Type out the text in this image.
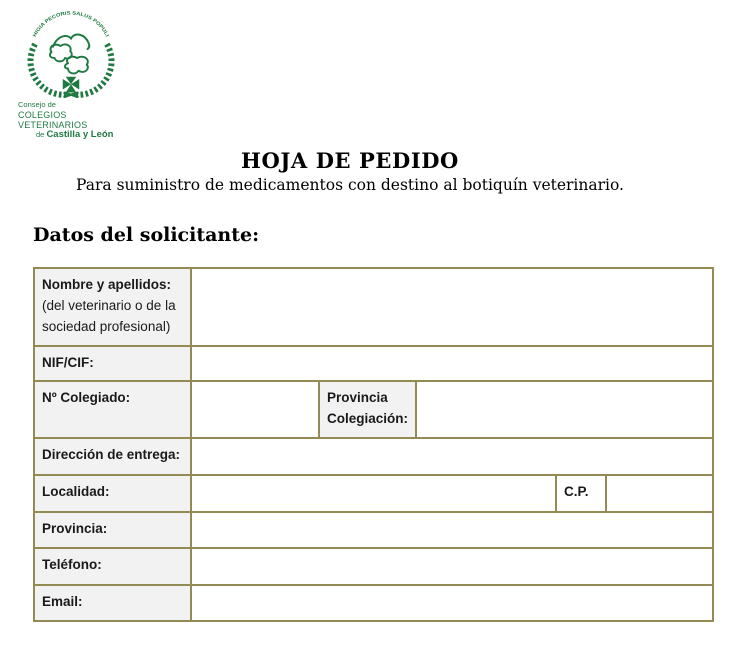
HIGIA PECORIS SALUS POPULI
Consejo de
COLEGIOS VETERINARIOS
de Castilla y León
HOJA DE PEDIDO
Para suministro de medicamentos con destino al botiquín veterinario.
Datos del solicitante:
Nombre y apellidos:
(del veterinario o de la sociedad profesional)					

NIF/CIF:					
Nº Colegiado:		Provincia Colegiación:			
Dirección de entrega:					
Localidad:				C.P.	
Provincia:					
Teléfono:					
Email:					
